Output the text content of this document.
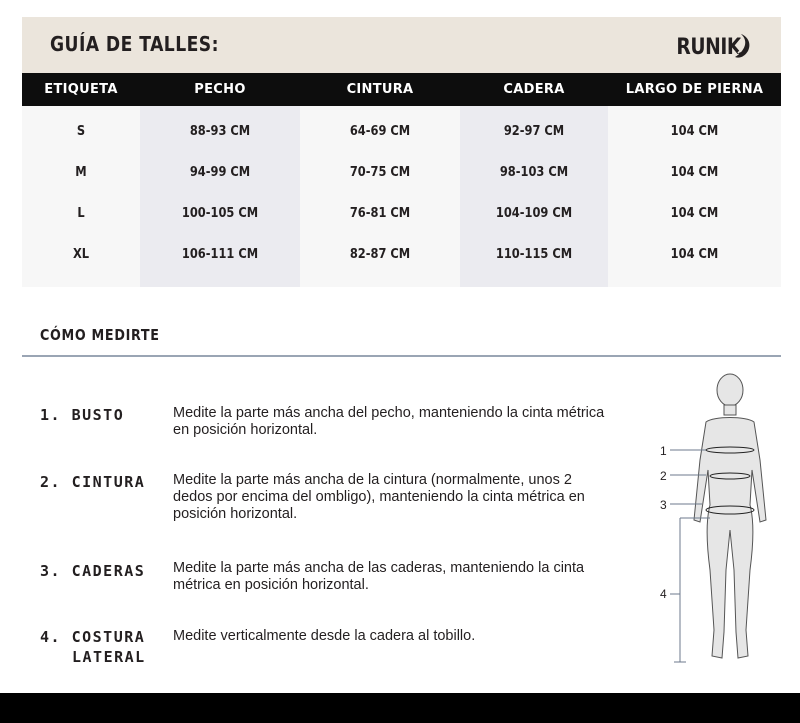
GUÍA DE TALLES:	RUNIK
ETIQUETA	PECHO	CINTURA	CADERA	LARGO DE PIERNA
S	88-93 CM	64-69 CM	92-97 CM	104 CM
M	94-99 CM	70-75 CM	98-103 CM	104 CM
L	100-105 CM	76-81 CM	104-109 CM	104 CM
XL	106-111 CM	82-87 CM	110-115 CM	104 CM
CÓMO MEDIRTE
1. BUSTO	Medite la parte más ancha del pecho, manteniendo la cinta métrica en posición horizontal.
2. CINTURA Medite la parte más ancha de la cintura (normalmente, unos 2 dedos por encima del ombligo), manteniendo la cinta métrica en posición horizontal.
3. CADERAS Medite la parte más ancha de las caderas, manteniendo la cinta métrica en posición horizontal.
4. COSTURA
LATERAL
Medite verticalmente desde la cadera al tobillo.
1
2
3
4
